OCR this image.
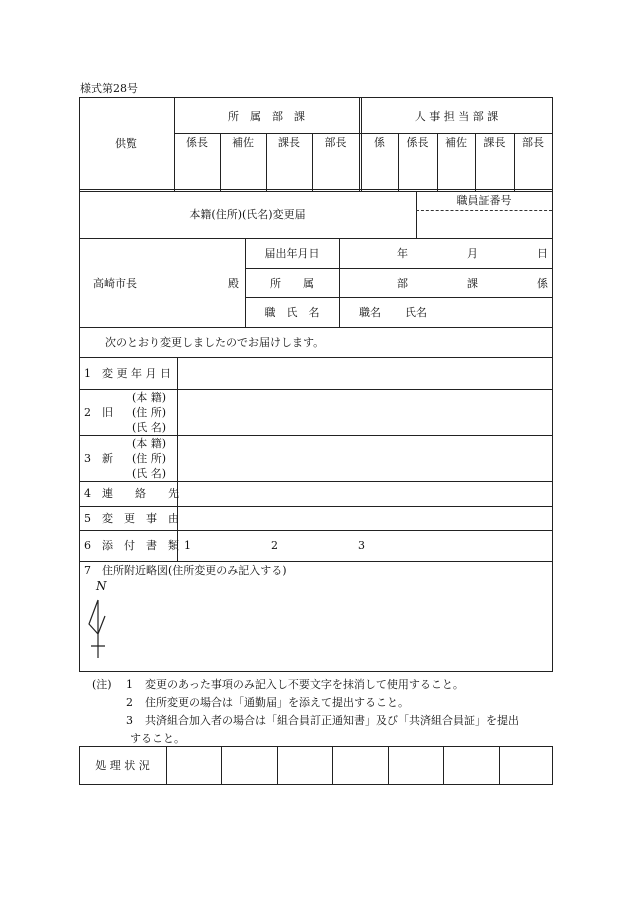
様式第28号
供覧
所　属　部　課	人 事 担 当 部 課
係長	補佐	課長	部長	係	係長	補佐	課長	部長
本籍(住所)(氏名)変更届
職員証番号
高崎市長	殿
届出年月日	年	月	日
所　　属	部	課	係
職　氏　名	職名 氏名
次のとおり変更しましたのでお届けします。
1　変 更 年 月 日
2　旧
(本 籍)
(住 所)
(氏 名)
3　新
(本 籍)
(住 所)
(氏 名)
4　連　　絡　　先
5　変　更　事　由
6　添　付　書　類 1	2	3
7　住所附近略図(住所変更のみ記入する)
N
(注) 1 変更のあった事項のみ記入し不要文字を抹消して使用すること。
2 住所変更の場合は「通勤届」を添えて提出すること。
3 共済組合加入者の場合は「組合員訂正通知書」及び「共済組合員証」を提出
すること。
処 理 状 況
